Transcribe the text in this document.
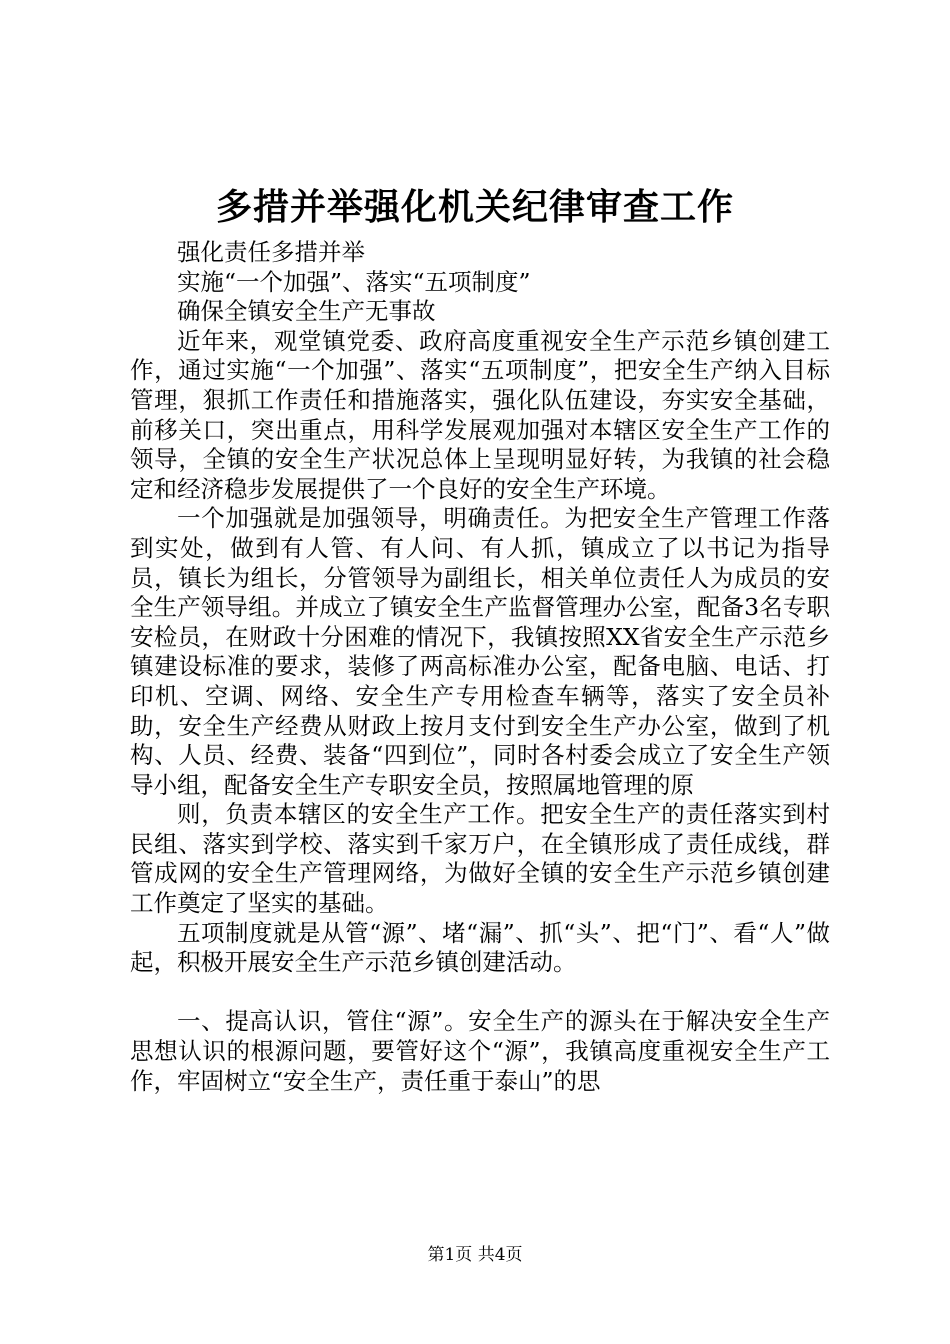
多措并举强化机关纪律审查工作

强化责任多措并举

实施“一个加强”、落实“五项制度”

确保全镇安全生产无事故

近年来，观堂镇党委、政府高度重视安全生产示范乡镇创建工作，通过实施“一个加强”、落实“五项制度”，把安全生产纳入目标管理，狠抓工作责任和措施落实，强化队伍建设，夯实安全基础，前移关口，突出重点，用科学发展观加强对本辖区安全生产工作的领导，全镇的安全生产状况总体上呈现明显好转，为我镇的社会稳定和经济稳步发展提供了一个良好的安全生产环境。

一个加强就是加强领导，明确责任。为把安全生产管理工作落到实处，做到有人管、有人问、有人抓，镇成立了以书记为指导员，镇长为组长，分管领导为副组长，相关单位责任人为成员的安全生产领导组。并成立了镇安全生产监督管理办公室，配备3名专职安检员，在财政十分困难的情况下，我镇按照XX省安全生产示范乡镇建设标准的要求，装修了两高标准办公室，配备电脑、电话、打印机、空调、网络、安全生产专用检查车辆等，落实了安全员补助，安全生产经费从财政上按月支付到安全生产办公室，做到了机构、人员、经费、装备“四到位”，同时各村委会成立了安全生产领导小组，配备安全生产专职安全员，按照属地管理的原

则，负责本辖区的安全生产工作。把安全生产的责任落实到村民组、落实到学校、落实到千家万户，在全镇形成了责任成线，群管成网的安全生产管理网络，为做好全镇的安全生产示范乡镇创建工作奠定了坚实的基础。

五项制度就是从管“源”、堵“漏”、抓“头”、把“门”、看“人”做起，积极开展安全生产示范乡镇创建活动。

一、提高认识，管住“源”。安全生产的源头在于解决安全生产思想认识的根源问题，要管好这个“源”，我镇高度重视安全生产工作，牢固树立“安全生产，责任重于泰山”的思

第1页 共4页
